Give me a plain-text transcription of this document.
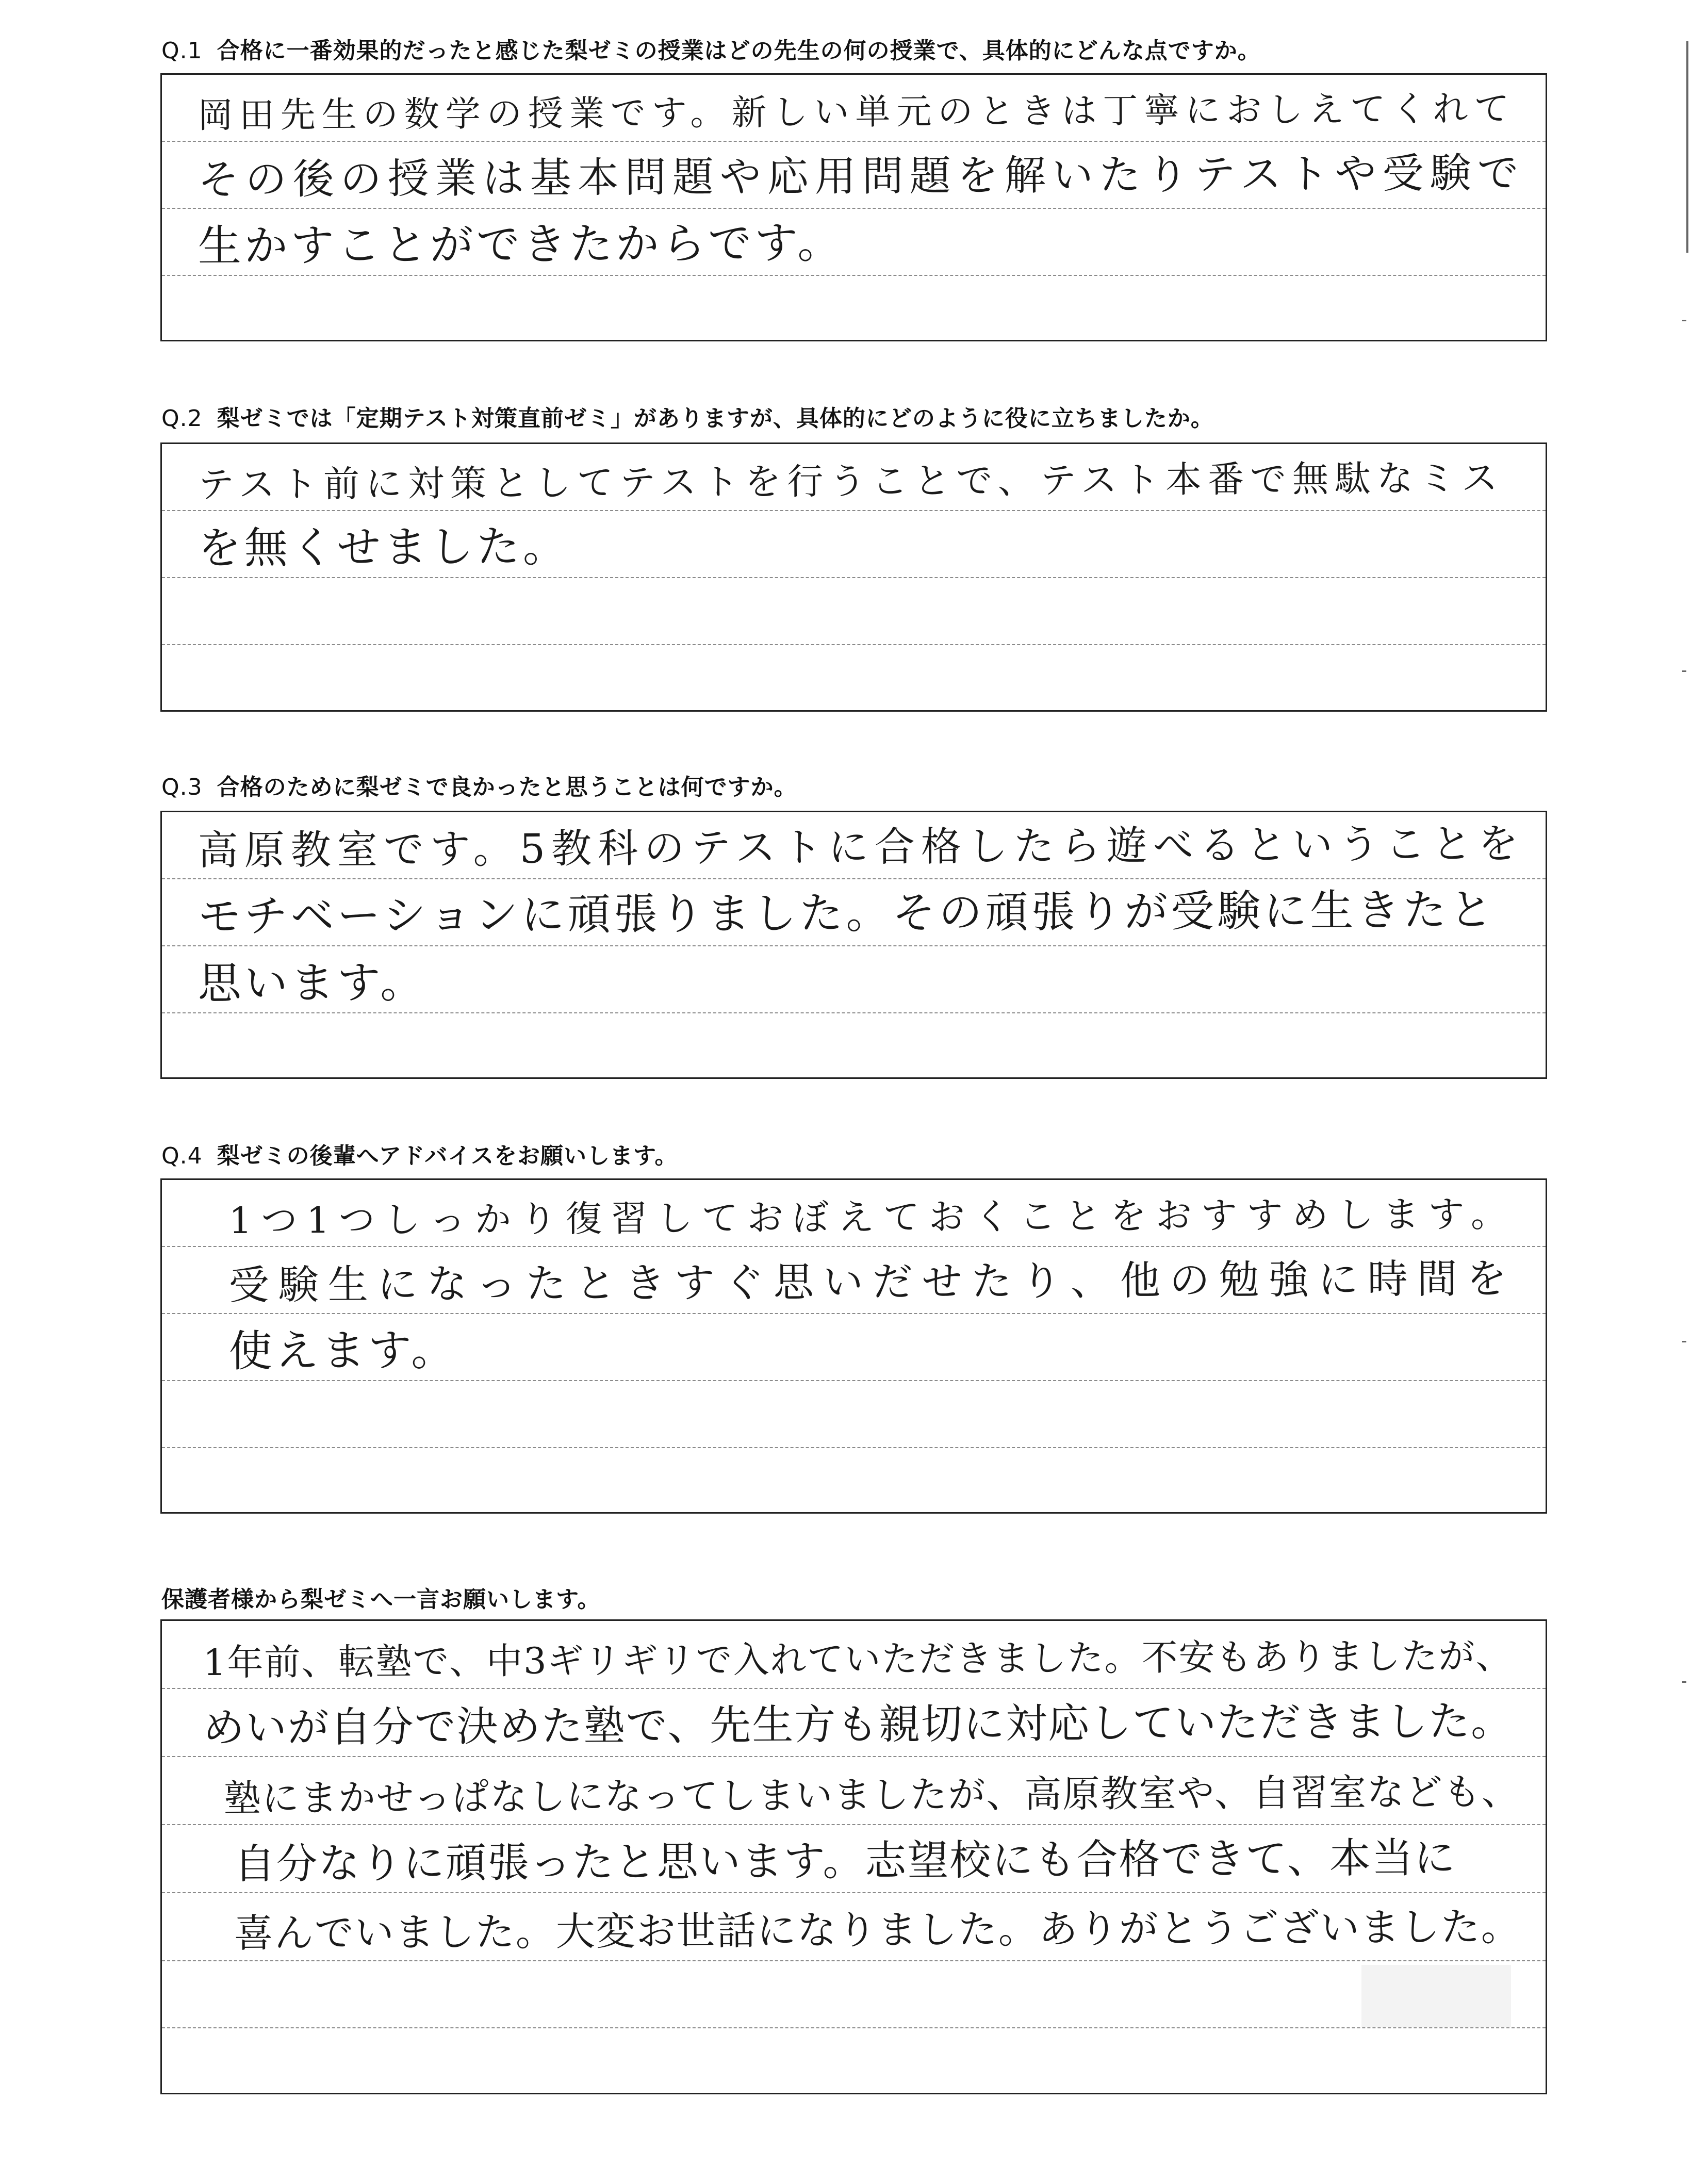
Q.1 合格に一番効果的だったと感じた梨ゼミの授業はどの先生の何の授業で、具体的にどんな点ですか。
岡田先生の数学の授業です。新しい単元のときは丁寧におしえてくれて
その後の授業は基本問題や応用問題を解いたりテストや受験で
生かすことができたからです。
Q.2 梨ゼミでは「定期テスト対策直前ゼミ」がありますが、具体的にどのように役に立ちましたか。
テスト前に対策としてテストを行うことで、テスト本番で無駄なミス
を無くせました。
Q.3 合格のために梨ゼミで良かったと思うことは何ですか。
高原教室です。5教科のテストに合格したら遊べるということを
モチベーションに頑張りました。その頑張りが受験に生きたと
思います。
Q.4 梨ゼミの後輩へアドバイスをお願いします。
1つ1つしっかり復習しておぼえておくことをおすすめします。
受験生になったときすぐ思いだせたり、他の勉強に時間を
使えます。
保護者様から梨ゼミへ一言お願いします。
1年前、転塾で、中3ギリギリで入れていただきました。不安もありましたが、
めいが自分で決めた塾で、先生方も親切に対応していただきました。
塾にまかせっぱなしになってしまいましたが、高原教室や、自習室なども、
自分なりに頑張ったと思います。志望校にも合格できて、本当に
喜んでいました。大変お世話になりました。ありがとうございました。
